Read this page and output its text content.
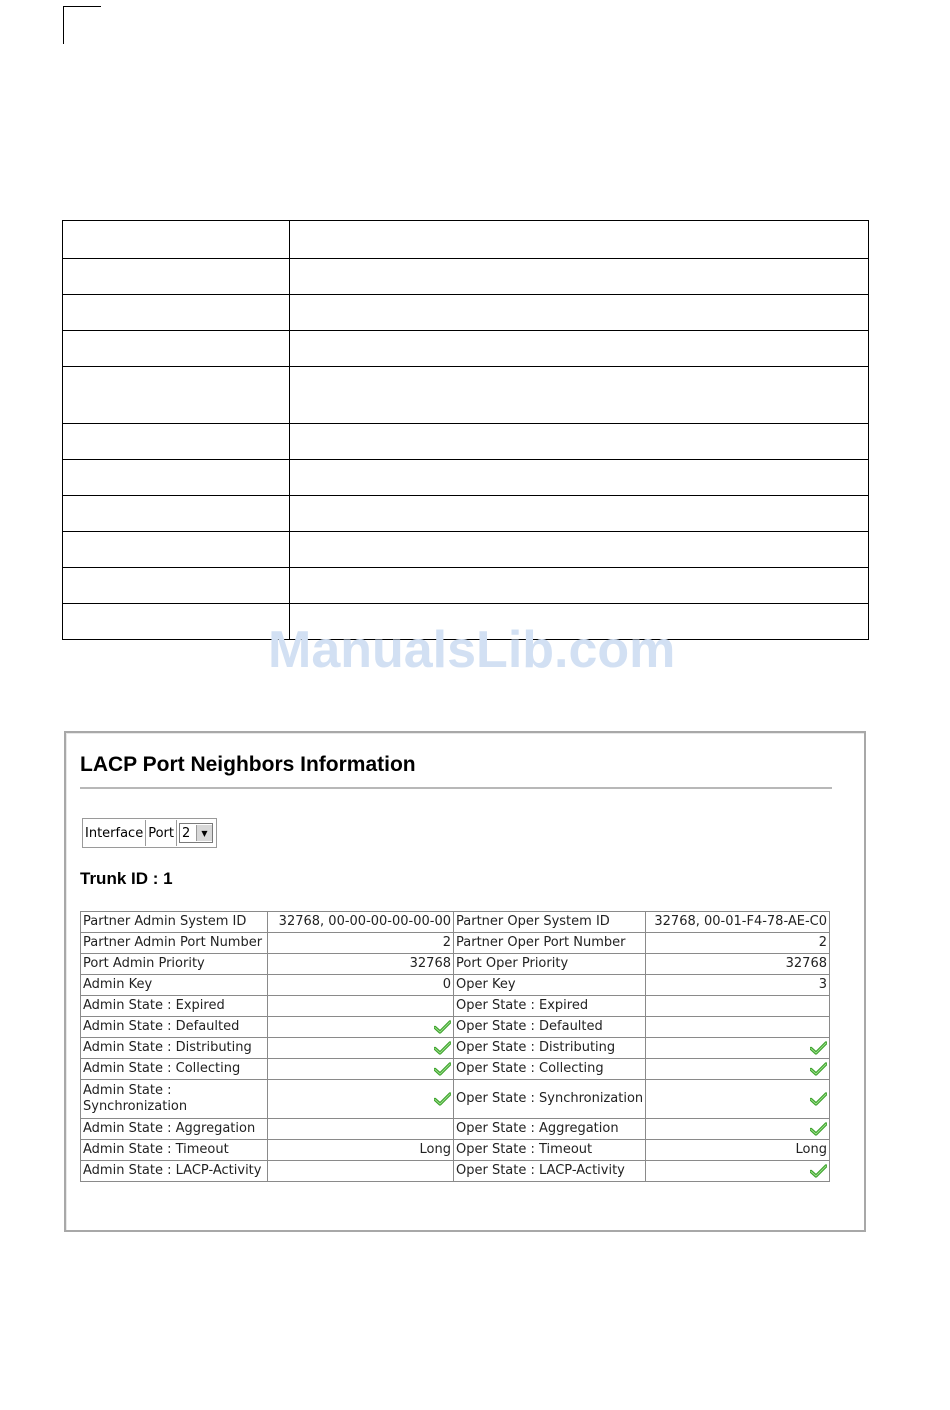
ManualsLib.com
LACP Port Neighbors Information
Interface Port 2	▼
Trunk ID : 1
Partner Admin System ID	32768, 00-00-00-00-00-00	Partner Oper System ID	32768, 00-01-F4-78-AE-C0
Partner Admin Port Number	2	Partner Oper Port Number	2
Port Admin Priority	32768	Port Oper Priority	32768
Admin Key	0	Oper Key	3
Admin State : Expired		Oper State : Expired	
Admin State : Defaulted		Oper State : Defaulted	
Admin State : Distributing		Oper State : Distributing	
Admin State : Collecting		Oper State : Collecting	
Admin State : Synchronization		Oper State : Synchronization	
Admin State : Aggregation		Oper State : Aggregation	
Admin State : Timeout	Long	Oper State : Timeout	Long
Admin State : LACP-Activity		Oper State : LACP-Activity	
